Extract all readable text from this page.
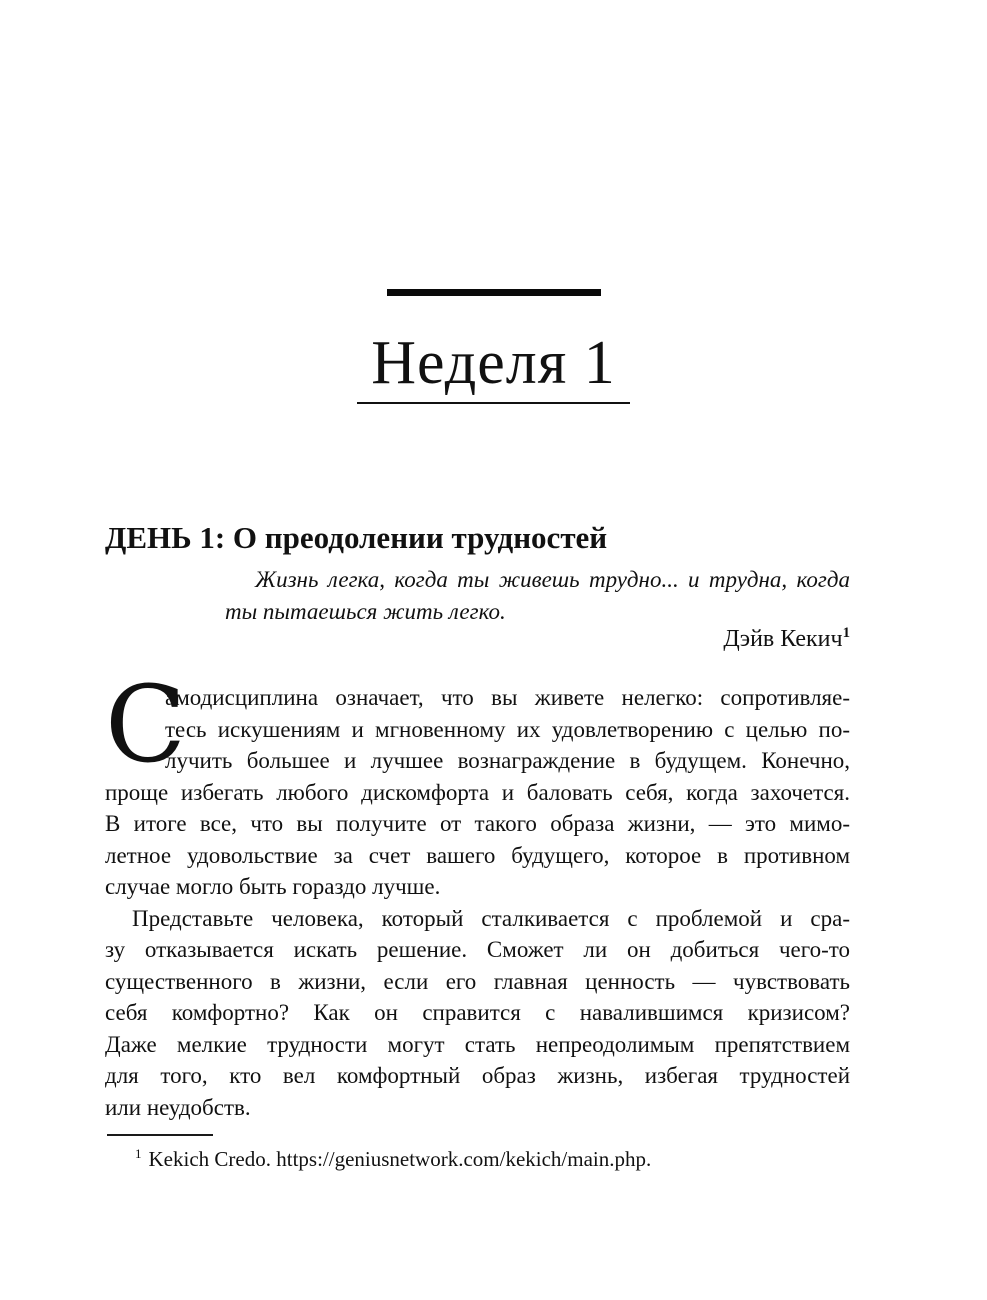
Неделя 1
ДЕНЬ 1: О преодолении трудностей
Жизнь легка, когда ты живешь трудно... и трудна, когда
ты пытаешься жить легко.
Дэйв Кекич$^1$
С
амодисциплина означает, что вы живете нелегко: сопротивляе-
тесь искушениям и мгновенному их удовлетворению с целью по-
лучить большее и лучшее вознаграждение в будущем. Конечно,
проще избегать любого дискомфорта и баловать себя, когда захочется.
В итоге все, что вы получите от такого образа жизни, — это мимо-
летное удовольствие за счет вашего будущего, которое в противном
случае могло быть гораздо лучше.
Представьте человека, который сталкивается с проблемой и сра-
зу отказывается искать решение. Сможет ли он добиться чего-то
существенного в жизни, если его главная ценность — чувствовать
себя комфортно? Как он справится с навалившимся кризисом?
Даже мелкие трудности могут стать непреодолимым препятствием
для того, кто вел комфортный образ жизнь, избегая трудностей
или неудобств.
$^1$ Kekich Credo. https://geniusnetwork.com/kekich/main.php.
